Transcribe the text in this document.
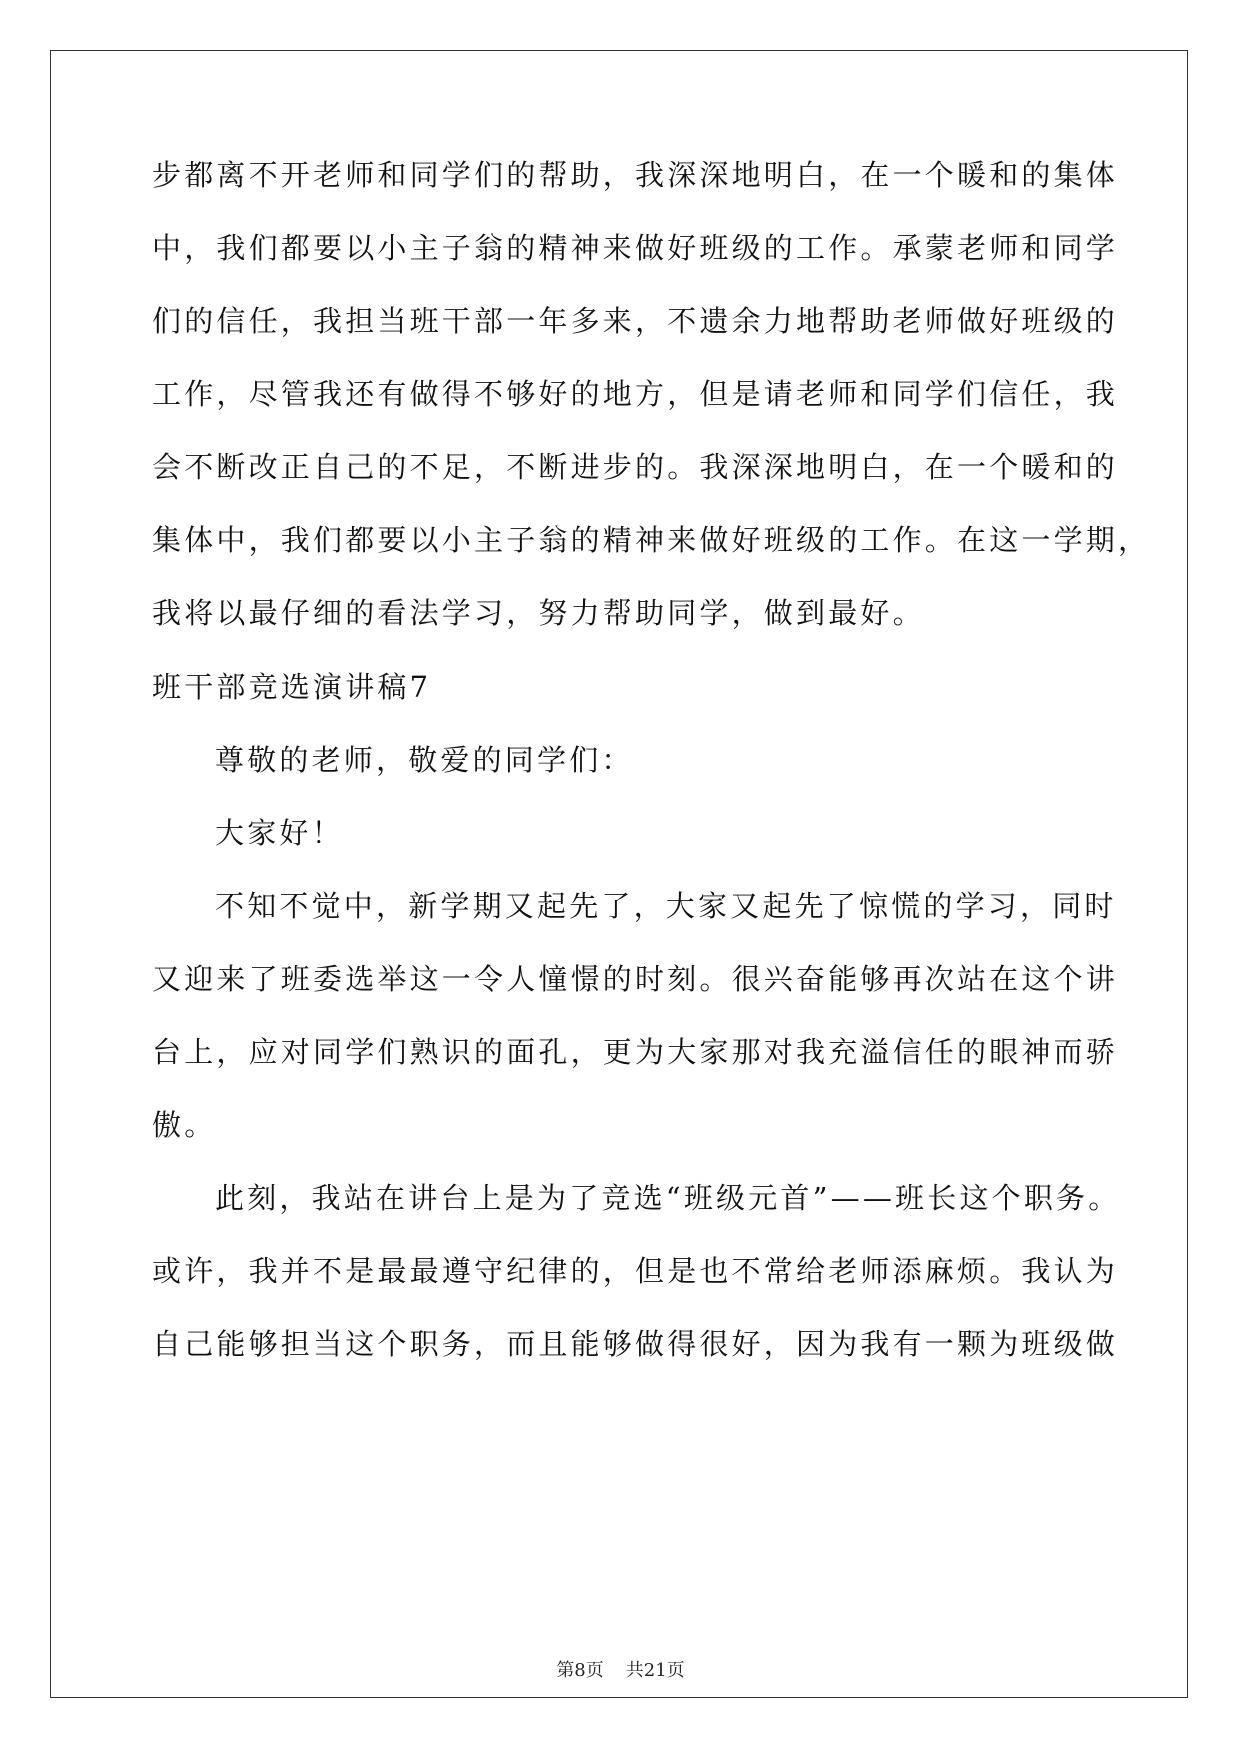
步都离不开老师和同学们的帮助，我深深地明白，在一个暖和的集体
中，我们都要以小主子翁的精神来做好班级的工作。承蒙老师和同学
们的信任，我担当班干部一年多来，不遗余力地帮助老师做好班级的
工作，尽管我还有做得不够好的地方，但是请老师和同学们信任，我
会不断改正自己的不足，不断进步的。我深深地明白，在一个暖和的
集体中，我们都要以小主子翁的精神来做好班级的工作。在这一学期，
我将以最仔细的看法学习，努力帮助同学，做到最好。
班干部竞选演讲稿7
尊敬的老师，敬爱的同学们：
大家好！
不知不觉中，新学期又起先了，大家又起先了惊慌的学习，同时
又迎来了班委选举这一令人憧憬的时刻。很兴奋能够再次站在这个讲
台上，应对同学们熟识的面孔，更为大家那对我充溢信任的眼神而骄
傲。
此刻，我站在讲台上是为了竞选“班级元首”——班长这个职务。
或许，我并不是最最遵守纪律的，但是也不常给老师添麻烦。我认为
自己能够担当这个职务，而且能够做得很好，因为我有一颗为班级做
第8页 共21页
